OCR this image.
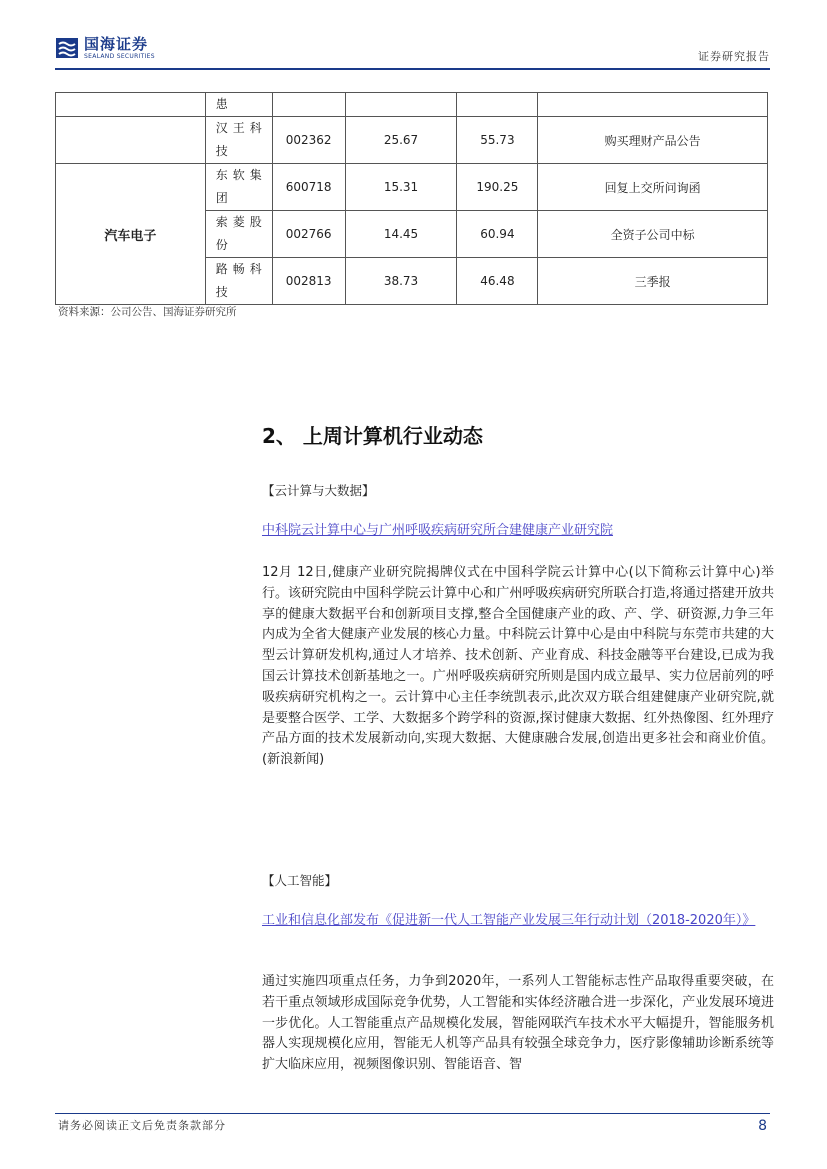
国海证券
SEALAND SECURITIES	证券研究报告
	患				
	汉王科技	002362	25.67	55.73	购买理财产品公告
汽车电子	东软集团	600718	15.31	190.25	回复上交所问询函
	索菱股份	002766	14.45	60.94	全资子公司中标
	路畅科技	002813	38.73	46.48	三季报
资料来源：公司公告、国海证券研究所
2、 上周计算机行业动态
【云计算与大数据】
中科院云计算中心与广州呼吸疾病研究所合建健康产业研究院

12月 12日,健康产业研究院揭牌仪式在中国科学院云计算中心(以下简称云计算中心)举行。该研究院由中国科学院云计算中心和广州呼吸疾病研究所联合打造,将通过搭建开放共享的健康大数据平台和创新项目支撑,整合全国健康产业的政、产、学、研资源,力争三年内成为全省大健康产业发展的核心力量。中科院云计算中心是由中科院与东莞市共建的大型云计算研发机构,通过人才培养、技术创新、产业育成、科技金融等平台建设,已成为我国云计算技术创新基地之一。广州呼吸疾病研究所则是国内成立最早、实力位居前列的呼吸疾病研究机构之一。云计算中心主任李统凯表示,此次双方联合组建健康产业研究院,就是要整合医学、工学、大数据多个跨学科的资源,探讨健康大数据、红外热像图、红外理疗产品方面的技术发展新动向,实现大数据、大健康融合发展,创造出更多社会和商业价值。(新浪新闻)

【人工智能】
工业和信息化部发布《促进新一代人工智能产业发展三年行动计划（2018-2020年）》

通过实施四项重点任务，力争到2020年，一系列人工智能标志性产品取得重要突破，在若干重点领域形成国际竞争优势，人工智能和实体经济融合进一步深化，产业发展环境进一步优化。人工智能重点产品规模化发展，智能网联汽车技术水平大幅提升，智能服务机器人实现规模化应用，智能无人机等产品具有较强全球竞争力，医疗影像辅助诊断系统等扩大临床应用，视频图像识别、智能语音、智

请务必阅读正文后免责条款部分	8
